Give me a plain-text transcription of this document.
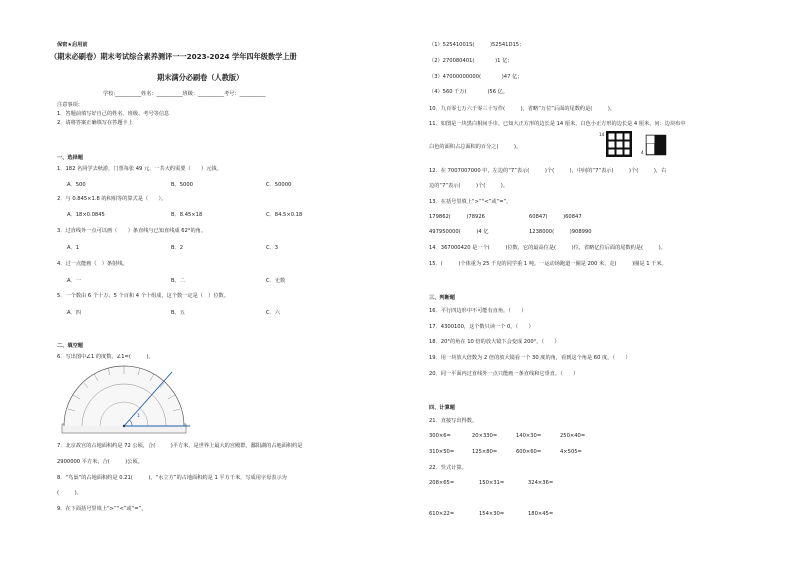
保密★启用前
（期末必刷卷）期末考试综合素养测评一一2023-2024 学年四年级数学上册
期末满分必刷卷（人教版）
学校:__________姓名：__________班级：__________考号：__________
注意事项：
1．答题前填写好自己的姓名、班级、考号等信息
2．请将答案正确填写在答题卡上
一、选择题
1．182 名同学去秋游，门票每张 49 元，一共大约需要（　　）元钱。
A．500	B．5000	C．50000
2．与 0.845×1.8 的积相等的算式是（　　）。
A．18×0.0845	B．8.45×18	C．84.5×0.18
3．过直线外一点可以画（　　）条直线与已知直线成 62°的角。
A．1	B．2	C．3
4．过一点能画（　）条射线。
A．一	B．二	C．无数
5．一个数由 6 个十万、5 个百和 4 个十组成，这个数一定是（　）位数。
A．四	B．五	C．六
二、填空题
6．写出图中∠1 的度数，∠1=(　　　)。
1
7．北京故宫的占地面积约是 72 公顷，合(　　　)平方米，是世界上最大的宫殿群。鄱阳湖的占地面积约是
2900000 平方米，合(　　　)公顷。
8．“鸟巢”的占地面积约是 0.21(　　　)，“水立方”的占地面积约是 1 平方千米，写成用字母表示为
(　　　)。
9．在下面括号里填上“>”“<”或“=”。
（1）52541001S(　　　)52541D15；
（2）270080401(　　　　)1 亿；
（3）47000000000(　　　　)47 亿；
（4）560 千万(　　　　)56 亿。
10．九百零七万六千零三十写作(　　　)，省略“万位”后面的尾数约是(　　　)。
11．如图是一块黑白相间手巾。已知大正方形的边长是 14 厘米，白色小正方形的边长是 4 厘米，问：边块布中
14
4
白色的面积占总面积的百分之(　　　)。
12．在 7007007000 中，左边的“7”表示(　　　)个(　　　)，中间的“7”表示(　　　)个(　　　)，右
边的“7”表示(　　　)个(　　　)。
13．在括号里填上“>”“<”或“=”。
179862(　　　)78926	60847(　　　)60847
497950000(　　　)4 亿	1238000(　　　)908990
14．367000420 是一个(　　　)位数，它的最高位是(　　　)位，省略亿位后面的尾数约是(　　　)。
15．(　　　)个体重为 25 千克的同学重 1 吨。一运动场跑道一圈是 200 米，走(　　　)圈是 1 千米。
三、判断题
16．平行四边形中不可能有直角。（　　）
17．4300100，这个数只读一个 0。（　　）
18．20°的角在 10 倍的放大镜下会变成 200°。（　　）
19．用一块放大倍数为 2 倍的放大镜看一个 30 度的角，看到这个角是 60 度。（　　）
20．同一平面内过直线外一点只能画一条直线和它垂直。（　　）
四、计算题
21．直接写出得数。
300×6=	20×330=	140×30=	250×40=
310×50=	125×80=	600×60=	4×505=
22．竖式计算。
208×65=	150×31=	324×36=
610×22=	154×30=	180×45=
